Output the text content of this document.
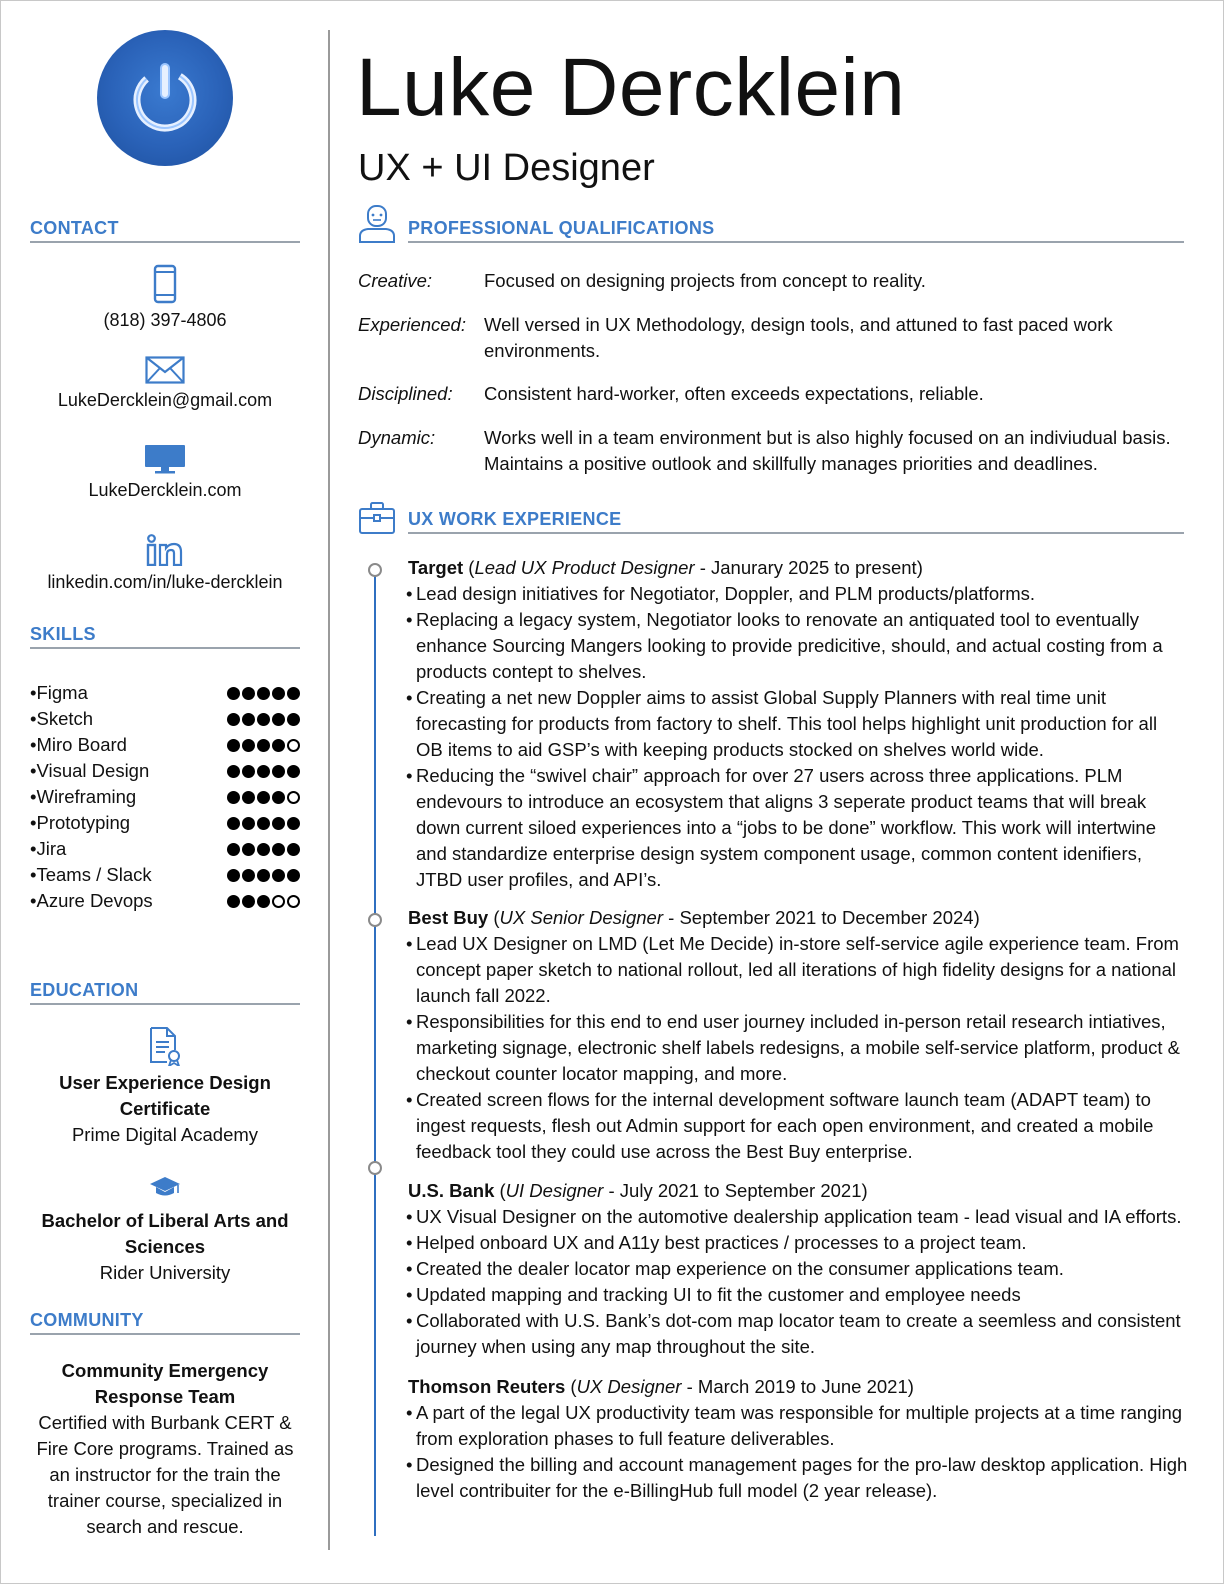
CONTACT
(818) 397-4806
LukeDercklein@gmail.com
LukeDercklein.com
linkedin.com/in/luke-dercklein
SKILLS
•Figma
•Sketch
•Miro Board
•Visual Design
•Wireframing
•Prototyping
•Jira
•Teams / Slack
•Azure Devops
EDUCATION
User Experience Design
Certificate
Prime Digital Academy
Bachelor of Liberal Arts and
Sciences
Rider University
COMMUNITY
Community Emergency
Response Team
Certified with Burbank CERT &
Fire Core programs. Trained as
an instructor for the train the
trainer course, specialized in
search and rescue.
Luke Dercklein
UX + UI Designer
PROFESSIONAL QUALIFICATIONS
Creative:	Focused on designing projects from concept to reality.
Experienced: Well versed in UX Methodology, design tools, and attuned to fast paced work environments.
Disciplined: Consistent hard-worker, often exceeds expectations, reliable.
Dynamic:	Works well in a team environment but is also highly focused on an indiviudual basis. Maintains a positive outlook and skillfully manages priorities and deadlines.
UX WORK EXPERIENCE
Target (Lead UX Product Designer - Janurary 2025 to present)
• Lead design initiatives for Negotiator, Doppler, and PLM products/platforms.
• Replacing a legacy system, Negotiator looks to renovate an antiquated tool to eventually enhance Sourcing Mangers looking to provide predicitive, should, and actual costing from a products contept to shelves.
• Creating a net new Doppler aims to assist Global Supply Planners with real time unit forecasting for products from factory to shelf. This tool helps highlight unit production for all OB items to aid GSP’s with keeping products stocked on shelves world wide.
• Reducing the “swivel chair” approach for over 27 users across three applications. PLM endevours to introduce an ecosystem that aligns 3 seperate product teams that will break down current siloed experiences into a “jobs to be done” workflow. This work will intertwine and standardize enterprise design system component usage, common content idenifiers, JTBD user profiles, and API’s.
Best Buy (UX Senior Designer - September 2021 to December 2024)
• Lead UX Designer on LMD (Let Me Decide) in-store self-service agile experience team. From concept paper sketch to national rollout, led all iterations of high fidelity designs for a national launch fall 2022.
• Responsibilities for this end to end user journey included in-person retail research intiatives, marketing signage, electronic shelf labels redesigns, a mobile self-service platform, product & checkout counter locator mapping, and more.
• Created screen flows for the internal development software launch team (ADAPT team) to ingest requests, flesh out Admin support for each open environment, and created a mobile feedback tool they could use across the Best Buy enterprise.
U.S. Bank (UI Designer - July 2021 to September 2021)
• UX Visual Designer on the automotive dealership application team - lead visual and IA efforts.
• Helped onboard UX and A11y best practices / processes to a project team.
• Created the dealer locator map experience on the consumer applications team.
• Updated mapping and tracking UI to fit the customer and employee needs
• Collaborated with U.S. Bank’s dot-com map locator team to create a seemless and consistent journey when using any map throughout the site.
Thomson Reuters (UX Designer - March 2019 to June 2021)
• A part of the legal UX productivity team was responsible for multiple projects at a time ranging from exploration phases to full feature deliverables.
• Designed the billing and account management pages for the pro-law desktop application. High level contribuiter for the e-BillingHub full model (2 year release).
